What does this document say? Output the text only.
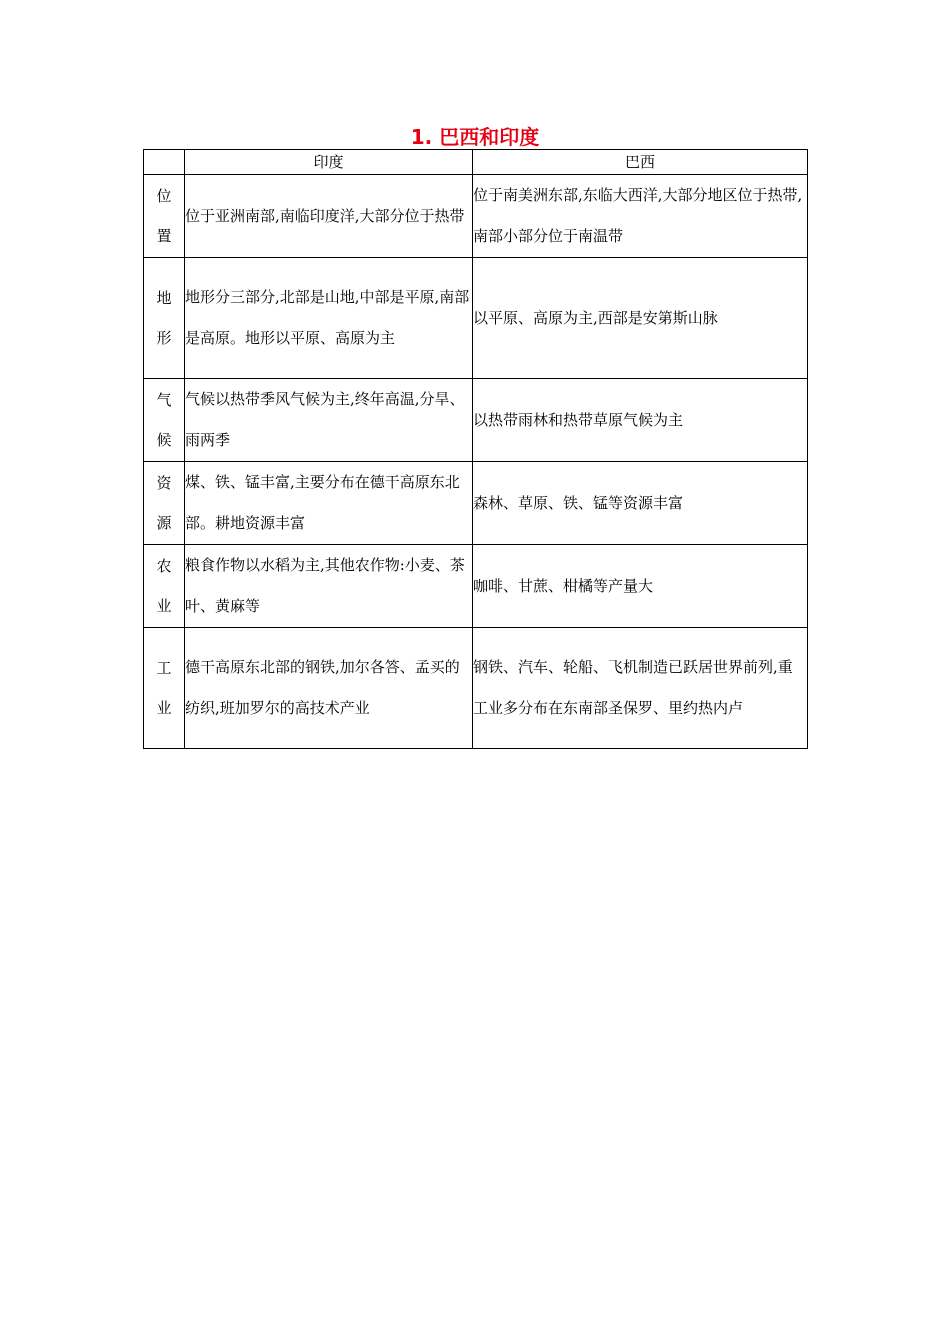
1. 巴西和印度
	印度	巴西

位
置	位于亚洲南部,南临印度洋,大部分位于热带	位于南美洲东部,东临大西洋,大部分地区位于热带,南部小部分位于南温带

地
形	地形分三部分,北部是山地,中部是平原,南部是高原。地形以平原、高原为主	以平原、高原为主,西部是安第斯山脉

气
候	气候以热带季风气候为主,终年高温,分旱、雨两季	以热带雨林和热带草原气候为主

资
源	煤、铁、锰丰富,主要分布在德干高原东北部。耕地资源丰富	森林、草原、铁、锰等资源丰富

农
业	粮食作物以水稻为主,其他农作物:小麦、茶叶、黄麻等	咖啡、甘蔗、柑橘等产量大

工
业	德干高原东北部的钢铁,加尔各答、孟买的纺织,班加罗尔的高技术产业	钢铁、汽车、轮船、飞机制造已跃居世界前列,重工业多分布在东南部圣保罗、里约热内卢
